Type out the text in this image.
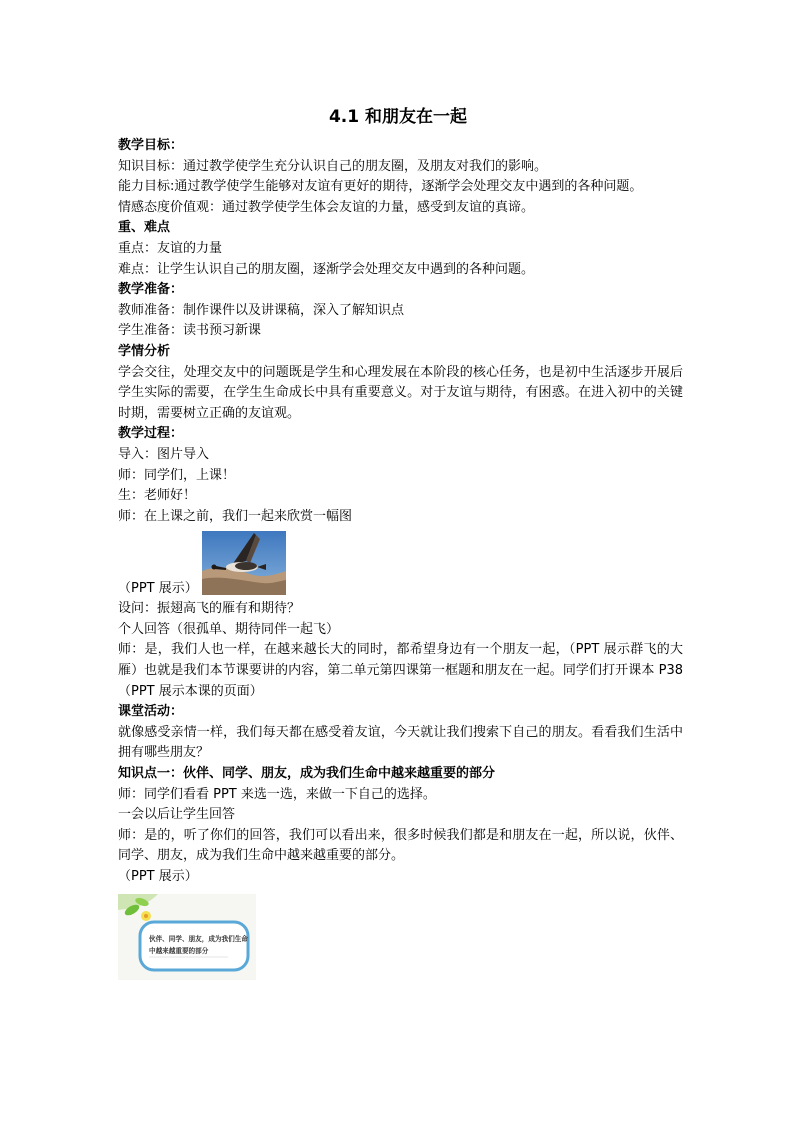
4.1 和朋友在一起

教学目标：

知识目标：通过教学使学生充分认识自己的朋友圈，及朋友对我们的影响。

能力目标:通过教学使学生能够对友谊有更好的期待，逐渐学会处理交友中遇到的各种问题。

情感态度价值观：通过教学使学生体会友谊的力量，感受到友谊的真谛。

重、难点

重点：友谊的力量

难点：让学生认识自己的朋友圈，逐渐学会处理交友中遇到的各种问题。

教学准备：

教师准备：制作课件以及讲课稿，深入了解知识点

学生准备：读书预习新课

学情分析

学会交往，处理交友中的问题既是学生和心理发展在本阶段的核心任务，也是初中生活逐步开展后学生实际的需要，在学生生命成长中具有重要意义。对于友谊与期待，有困惑。在进入初中的关键时期，需要树立正确的友谊观。

教学过程：

导入：图片导入

师：同学们，上课！

生：老师好！

师：在上课之前，我们一起来欣赏一幅图

（PPT 展示）

设问：振翅高飞的雁有和期待？

个人回答（很孤单、期待同伴一起飞）

师：是，我们人也一样，在越来越长大的同时，都希望身边有一个朋友一起，（PPT 展示群飞的大雁）也就是我们本节课要讲的内容，第二单元第四课第一框题和朋友在一起。同学们打开课本 P38（PPT 展示本课的页面）

课堂活动：

就像感受亲情一样，我们每天都在感受着友谊，今天就让我们搜索下自己的朋友。看看我们生活中拥有哪些朋友？

知识点一：伙伴、同学、朋友，成为我们生命中越来越重要的部分

师：同学们看看 PPT 来选一选，来做一下自己的选择。

一会以后让学生回答

师：是的，听了你们的回答，我们可以看出来，很多时候我们都是和朋友在一起，所以说，伙伴、同学、朋友，成为我们生命中越来越重要的部分。

（PPT 展示）

伙伴、同学、朋友，成为我们生命
中越来越重要的部分
